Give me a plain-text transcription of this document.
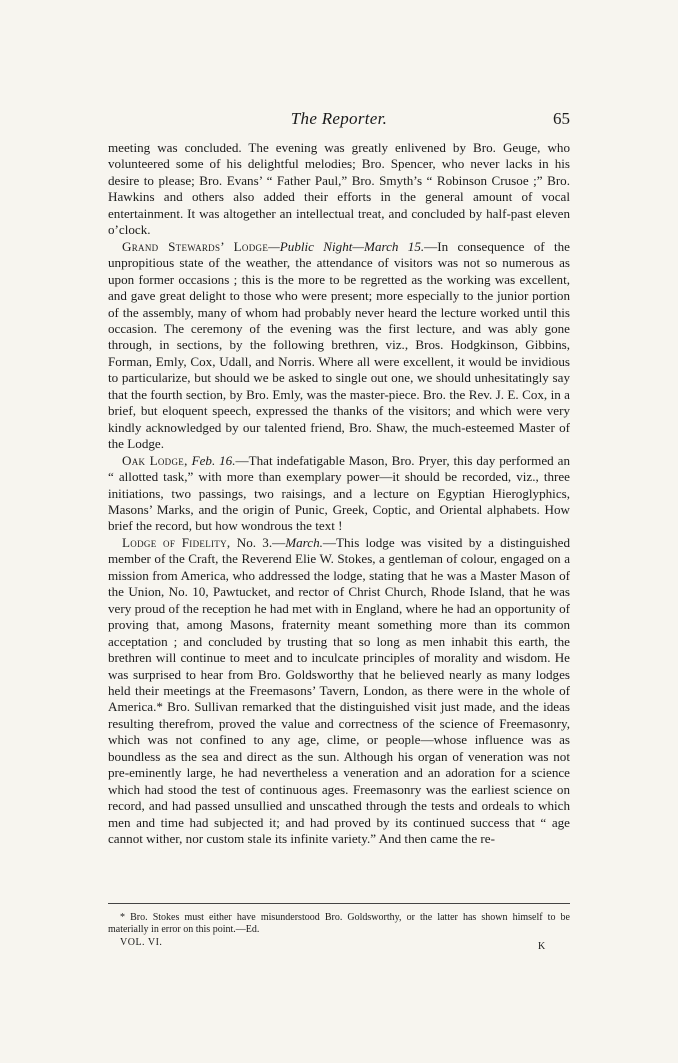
The Reporter.	65

meeting was concluded. The evening was greatly enlivened by Bro. Geuge, who volunteered some of his delightful melodies; Bro. Spencer, who never lacks in his desire to please; Bro. Evans’ “ Father Paul,” Bro. Smyth’s “ Robinson Crusoe ;” Bro. Hawkins and others also added their efforts in the general amount of vocal entertainment. It was altogether an intellectual treat, and concluded by half-past eleven o’clock.

Grand Stewards’ Lodge—Public Night—March 15.—In consequence of the unpropitious state of the weather, the attendance of visitors was not so numerous as upon former occasions ; this is the more to be regretted as the working was excellent, and gave great delight to those who were present; more especially to the junior portion of the assembly, many of whom had probably never heard the lecture worked until this occasion. The ceremony of the evening was the first lecture, and was ably gone through, in sections, by the following brethren, viz., Bros. Hodgkinson, Gibbins, Forman, Emly, Cox, Udall, and Norris. Where all were excellent, it would be invidious to particularize, but should we be asked to single out one, we should unhesitatingly say that the fourth section, by Bro. Emly, was the master-piece. Bro. the Rev. J. E. Cox, in a brief, but eloquent speech, expressed the thanks of the visitors; and which were very kindly acknowledged by our talented friend, Bro. Shaw, the much-esteemed Master of the Lodge.

Oak Lodge, Feb. 16.—That indefatigable Mason, Bro. Pryer, this day performed an “ allotted task,” with more than exemplary power—it should be recorded, viz., three initiations, two passings, two raisings, and a lecture on Egyptian Hieroglyphics, Masons’ Marks, and the origin of Punic, Greek, Coptic, and Oriental alphabets. How brief the record, but how wondrous the text !

Lodge of Fidelity, No. 3.—March.—This lodge was visited by a distinguished member of the Craft, the Reverend Elie W. Stokes, a gentleman of colour, engaged on a mission from America, who addressed the lodge, stating that he was a Master Mason of the Union, No. 10, Pawtucket, and rector of Christ Church, Rhode Island, that he was very proud of the reception he had met with in England, where he had an opportunity of proving that, among Masons, fraternity meant something more than its common acceptation ; and concluded by trusting that so long as men inhabit this earth, the brethren will continue to meet and to inculcate principles of morality and wisdom. He was surprised to hear from Bro. Goldsworthy that he believed nearly as many lodges held their meetings at the Freemasons’ Tavern, London, as there were in the whole of America.* Bro. Sullivan remarked that the distinguished visit just made, and the ideas resulting therefrom, proved the value and correctness of the science of Freemasonry, which was not confined to any age, clime, or people—whose influence was as boundless as the sea and direct as the sun. Although his organ of veneration was not pre-eminently large, he had nevertheless a veneration and an adoration for a science which had stood the test of continuous ages. Freemasonry was the earliest science on record, and had passed unsullied and unscathed through the tests and ordeals to which men and time had subjected it; and had proved by its continued success that “ age cannot wither, nor custom stale its infinite variety.” And then came the re-

* Bro. Stokes must either have misunderstood Bro. Goldsworthy, or the latter has shown himself to be materially in error on this point.—Ed.

VOL. VI.	K
